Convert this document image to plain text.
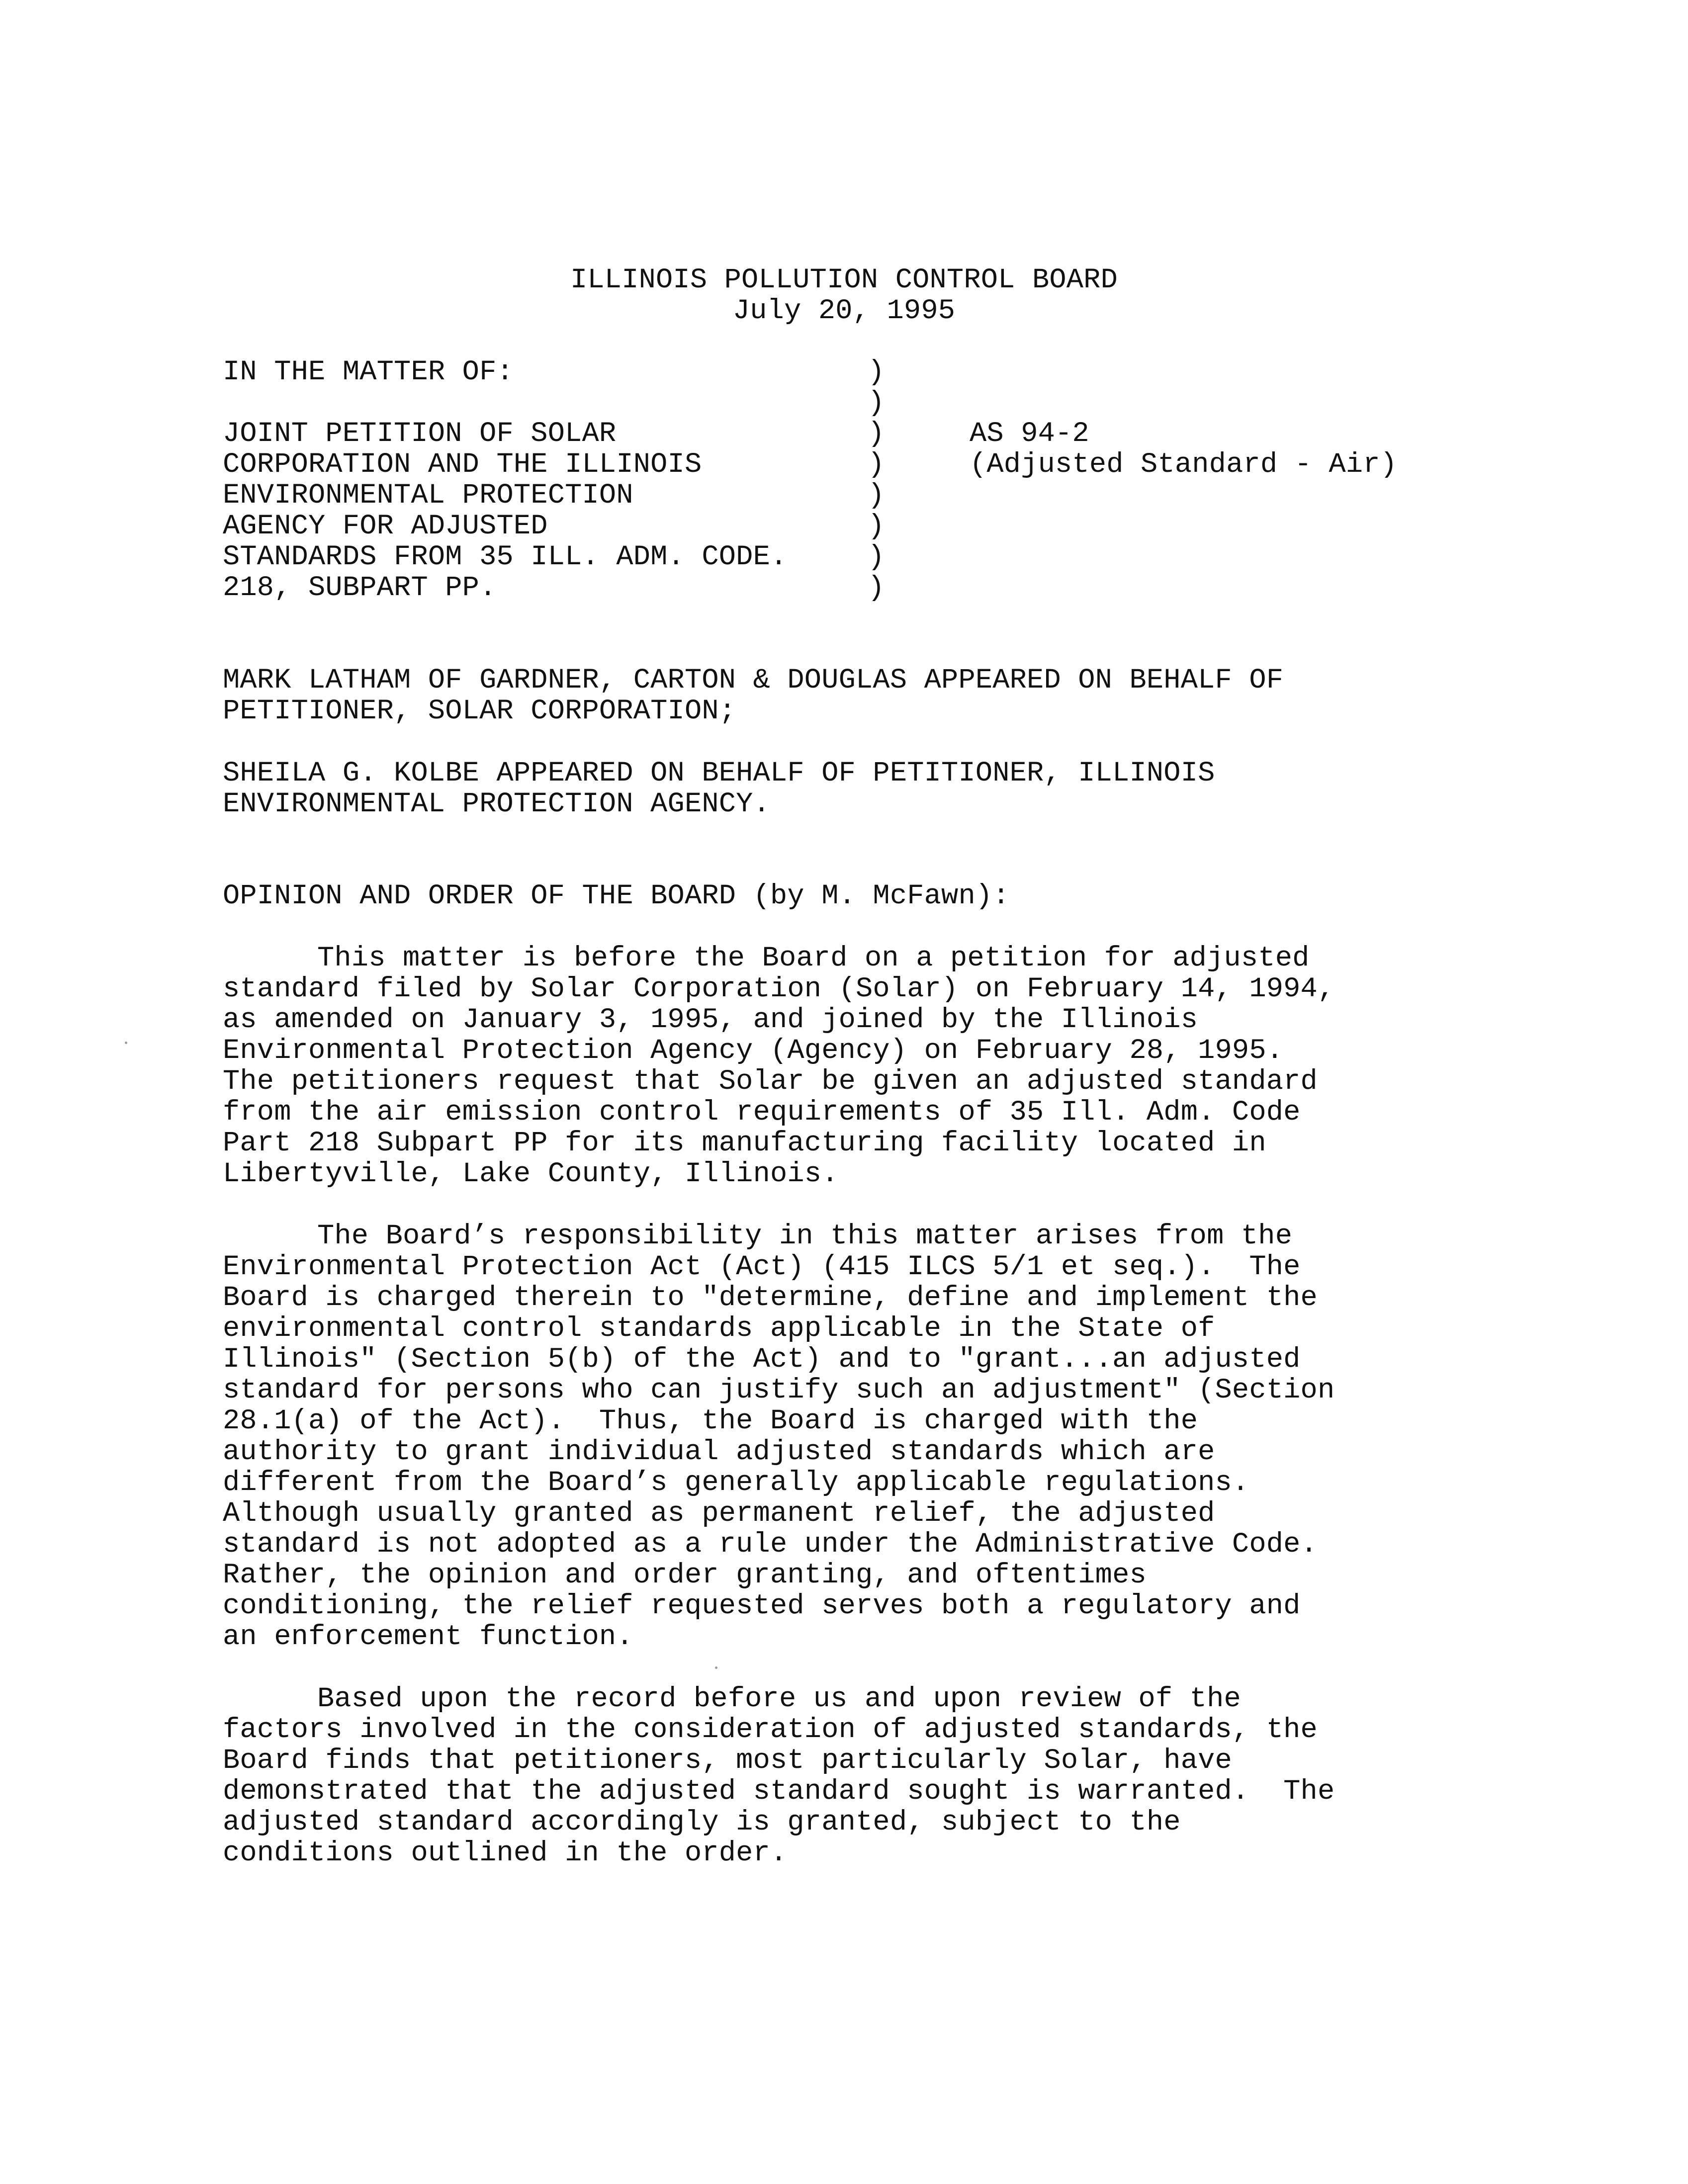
ILLINOIS POLLUTION CONTROL BOARD
July 20, 1995
IN THE MATTER OF:
JOINT PETITION OF SOLAR
CORPORATION AND THE ILLINOIS
ENVIRONMENTAL PROTECTION
AGENCY FOR ADJUSTED
STANDARDS FROM 35 ILL. ADM. CODE.
218, SUBPART PP.
)
)
)
)
)
)
)
)
AS 94-2
(Adjusted Standard - Air)
MARK LATHAM OF GARDNER, CARTON & DOUGLAS APPEARED ON BEHALF OF
PETITIONER, SOLAR CORPORATION;
SHEILA G. KOLBE APPEARED ON BEHALF OF PETITIONER, ILLINOIS
ENVIRONMENTAL PROTECTION AGENCY.
OPINION AND ORDER OF THE BOARD (by M. McFawn):
This matter is before the Board on a petition for adjusted
standard filed by Solar Corporation (Solar) on February 14, 1994,
as amended on January 3, 1995, and joined by the Illinois
Environmental Protection Agency (Agency) on February 28, 1995.
The petitioners request that Solar be given an adjusted standard
from the air emission control requirements of 35 Ill. Adm. Code
Part 218 Subpart PP for its manufacturing facility located in
Libertyville, Lake County, Illinois.
The Board’s responsibility in this matter arises from the
Environmental Protection Act (Act) (415 ILCS 5/1 et seq.).  The
Board is charged therein to "determine, define and implement the
environmental control standards applicable in the State of
Illinois" (Section 5(b) of the Act) and to "grant...an adjusted
standard for persons who can justify such an adjustment" (Section
28.1(a) of the Act).  Thus, the Board is charged with the
authority to grant individual adjusted standards which are
different from the Board’s generally applicable regulations.
Although usually granted as permanent relief, the adjusted
standard is not adopted as a rule under the Administrative Code.
Rather, the opinion and order granting, and oftentimes
conditioning, the relief requested serves both a regulatory and
an enforcement function.
Based upon the record before us and upon review of the
factors involved in the consideration of adjusted standards, the
Board finds that petitioners, most particularly Solar, have
demonstrated that the adjusted standard sought is warranted.  The
adjusted standard accordingly is granted, subject to the
conditions outlined in the order.
